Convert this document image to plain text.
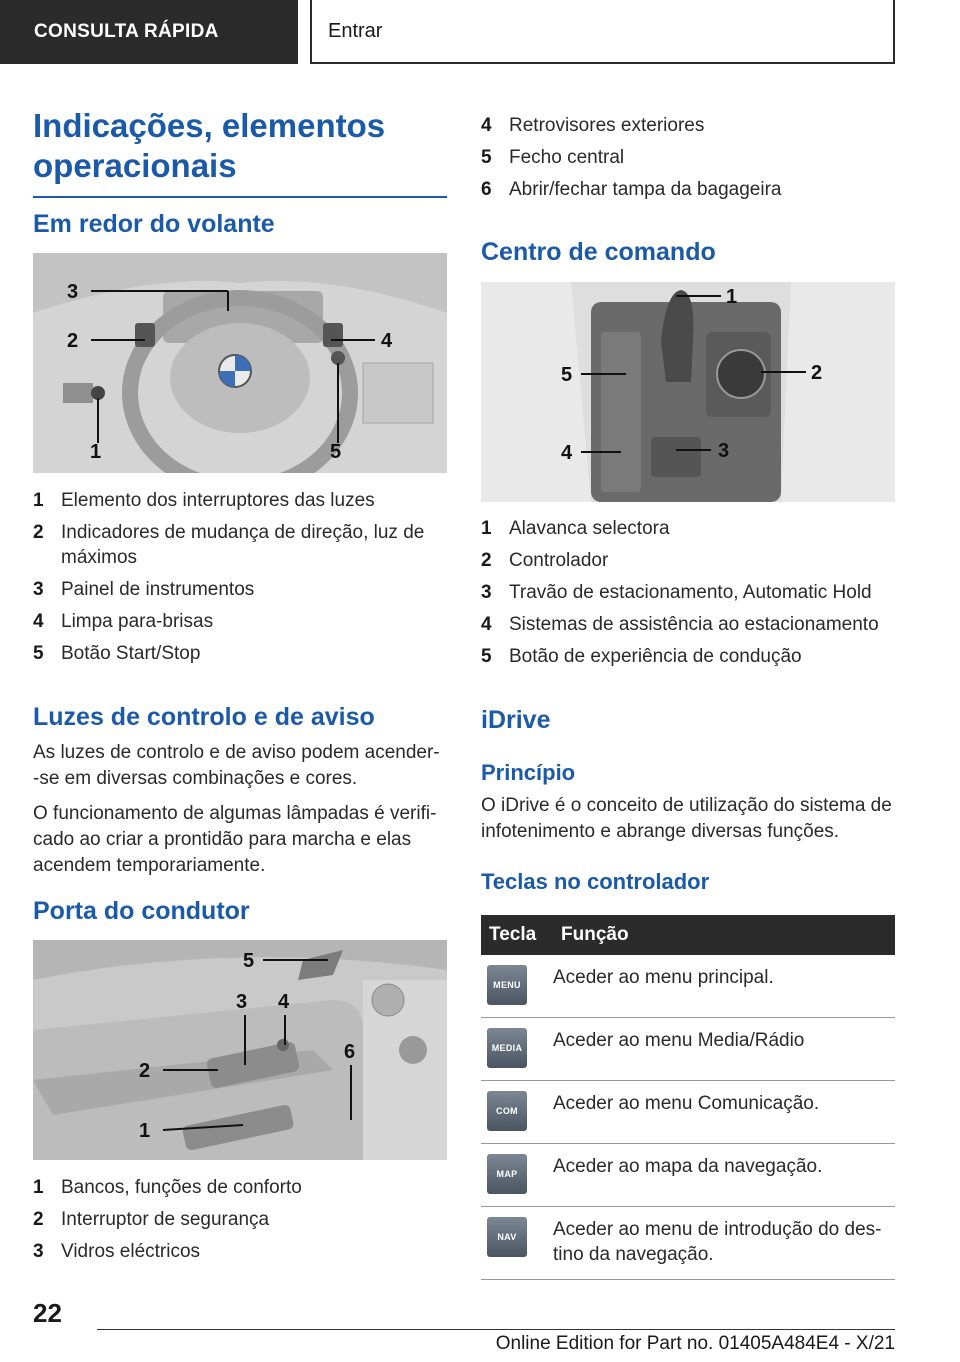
CONSULTA RÁPIDA	Entrar
Indicações, elementos operacionais
Em redor do volante
3
2	4
5
1
1 Elemento dos interruptores das luzes
2 Indicadores de mudança de direção, luz de máximos
3 Painel de instrumentos
4 Limpa para-brisas
5 Botão Start/Stop
Luzes de controlo e de aviso

As luzes de controlo e de aviso podem acender-‑se em diversas combinações e cores.

O funcionamento de algumas lâmpadas é verifi‐cado ao criar a prontidão para marcha e elas acendem temporariamente.

Porta do condutor
5
3 4
2
6
1
1 Bancos, funções de conforto
2 Interruptor de segurança
3 Vidros eléctricos
4 Retrovisores exteriores
5 Fecho central
6 Abrir/fechar tampa da bagageira
Centro de comando
1
2
5
3
4
1 Alavanca selectora
2 Controlador
3 Travão de estacionamento, Automatic Hold
4 Sistemas de assistência ao estacionamento
5 Botão de experiência de condução
iDrive
Princípio

O iDrive é o conceito de utilização do sistema de infotenimento e abrange diversas funções.

Teclas no controlador
Tecla	Função

MENU	Aceder ao menu principal.

MEDIA	Aceder ao menu Media/Rádio

COM	Aceder ao menu Comunicação.

MAP	Aceder ao mapa da navegação.

NAV	Aceder ao menu de introdução do des‐tino da navegação.
22
Online Edition for Part no. 01405A484E4 - X/21
